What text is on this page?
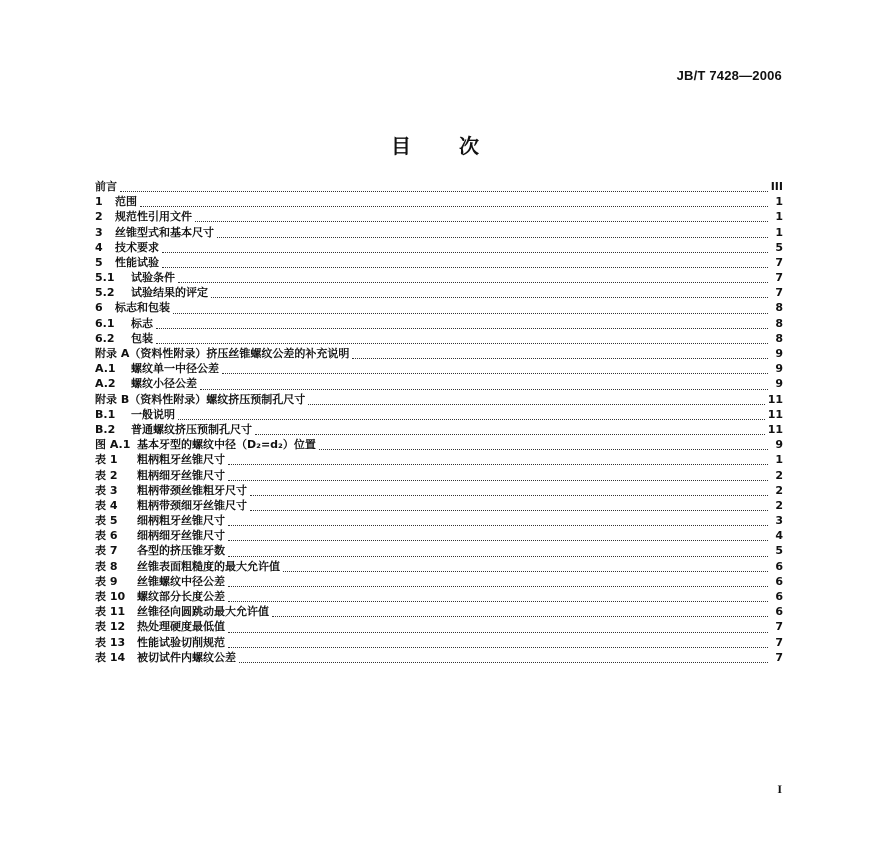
JB/T 7428—2006
目 次
前言	III
1	范围	1
2	规范性引用文件	1
3	丝锥型式和基本尺寸	1
4	技术要求	5
5	性能试验	7
5.1	试验条件	7
5.2	试验结果的评定	7
6	标志和包装	8
6.1	标志	8
6.2	包装	8
附录 A（资料性附录）挤压丝锥螺纹公差的补充说明	9
A.1	螺纹单一中径公差	9
A.2	螺纹小径公差	9
附录 B（资料性附录）螺纹挤压预制孔尺寸	11
B.1	一般说明	11
B.2	普通螺纹挤压预制孔尺寸	11
图 A.1 基本牙型的螺纹中径（D₂=d₂）位置	9
表 1	粗柄粗牙丝锥尺寸	1
表 2	粗柄细牙丝锥尺寸	2
表 3	粗柄带颈丝锥粗牙尺寸	2
表 4	粗柄带颈细牙丝锥尺寸	2
表 5	细柄粗牙丝锥尺寸	3
表 6	细柄细牙丝锥尺寸	4
表 7	各型的挤压锥牙数	5
表 8	丝锥表面粗糙度的最大允许值	6
表 9	丝锥螺纹中径公差	6
表 10	螺纹部分长度公差	6
表 11	丝锥径向圆跳动最大允许值	6
表 12	热处理硬度最低值	7
表 13	性能试验切削规范	7
表 14	被切试件内螺纹公差	7
I
